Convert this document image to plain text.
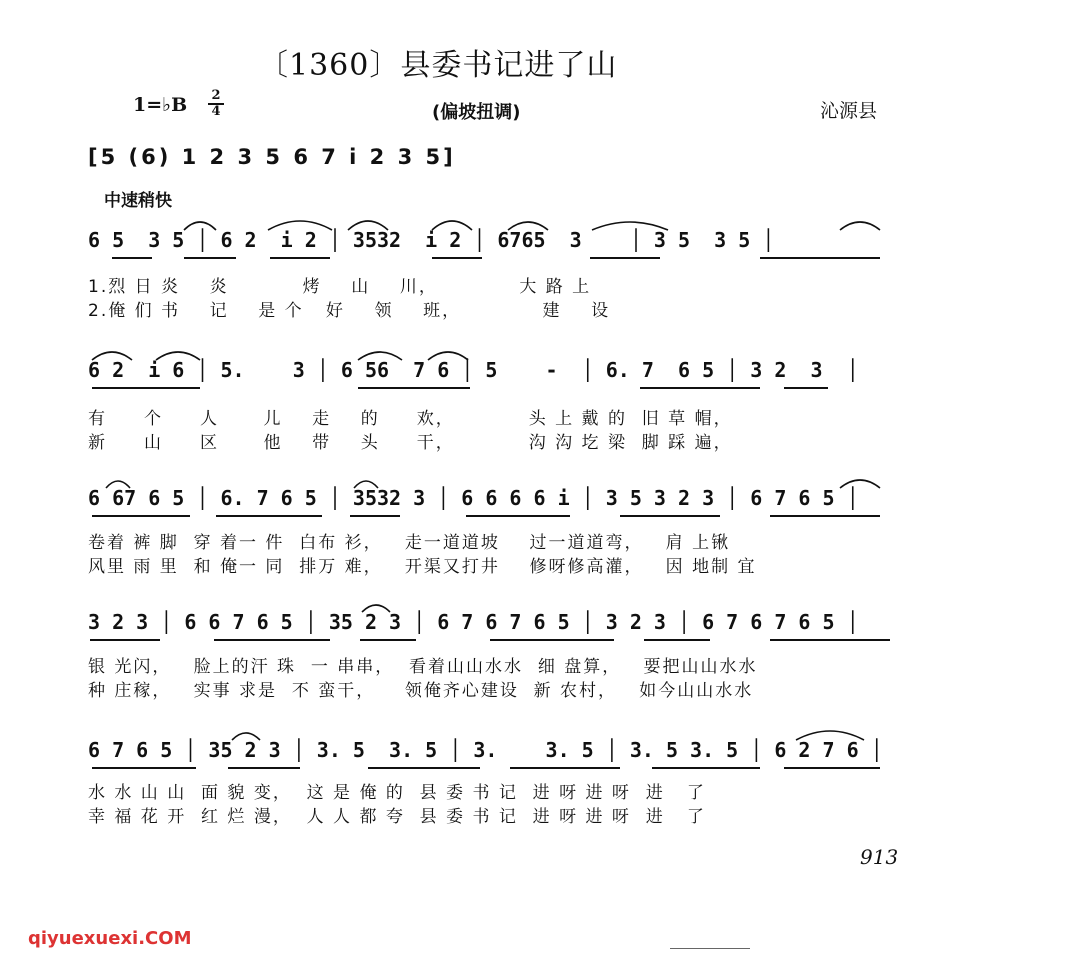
〔1360〕县委书记进了山
1=♭B 2
4	(偏坡扭调)	沁源县
[5 (6) 1 2 3 5 6 7 i 2 3 5]
中速稍快
6 5  3 5 │ 6 2  i 2 │ 3532  i 2 │ 6765  3    │ 3 5  3 5 │
1.烈 日 炎    炎          烤    山    川，           大 路 上
2.俺 们 书    记    是 个   好    领    班，           建    设
6 2  i 6 │ 5.    3 │ 6 56  7 6 │ 5    -  │ 6. 7  6 5 │ 3 2  3  │
有     个     人      儿    走    的     欢，          头 上 戴 的  旧 草 帽，
新     山     区      他    带    头     干，          沟 沟 圪 梁  脚 踩 遍，
6 67 6 5 │ 6. 7 6 5 │ 3532 3 │ 6 6 6 6 i │ 3 5 3 2 3 │ 6 7 6 5 │
卷着 裤 脚  穿 着一 件  白布 衫，   走一道道坡    过一道道弯，   肩 上锹
风里 雨 里  和 俺一 同  排万 难，   开渠又打井    修呀修高灌，   因 地制 宜
3 2 3 │ 6 6 7 6 5 │ 35 2 3 │ 6 7 6 7 6 5 │ 3 2 3 │ 6 7 6 7 6 5 │
银 光闪，   脸上的汗 珠  一 串串，  看着山山水水  细 盘算，   要把山山水水
种 庄稼，   实事 求是  不 蛮干，    领俺齐心建设  新 农村，   如今山山水水
6 7 6 5 │ 35 2 3 │ 3. 5  3. 5 │ 3.    3. 5 │ 3. 5 3. 5 │ 6 2 7 6 │
水 水 山 山  面 貌 变，  这 是 俺 的  县 委 书 记  进 呀 进 呀  进   了
幸 福 花 开  红 烂 漫，  人 人 都 夸  县 委 书 记  进 呀 进 呀  进   了
913
qiyuexuexi.COM
